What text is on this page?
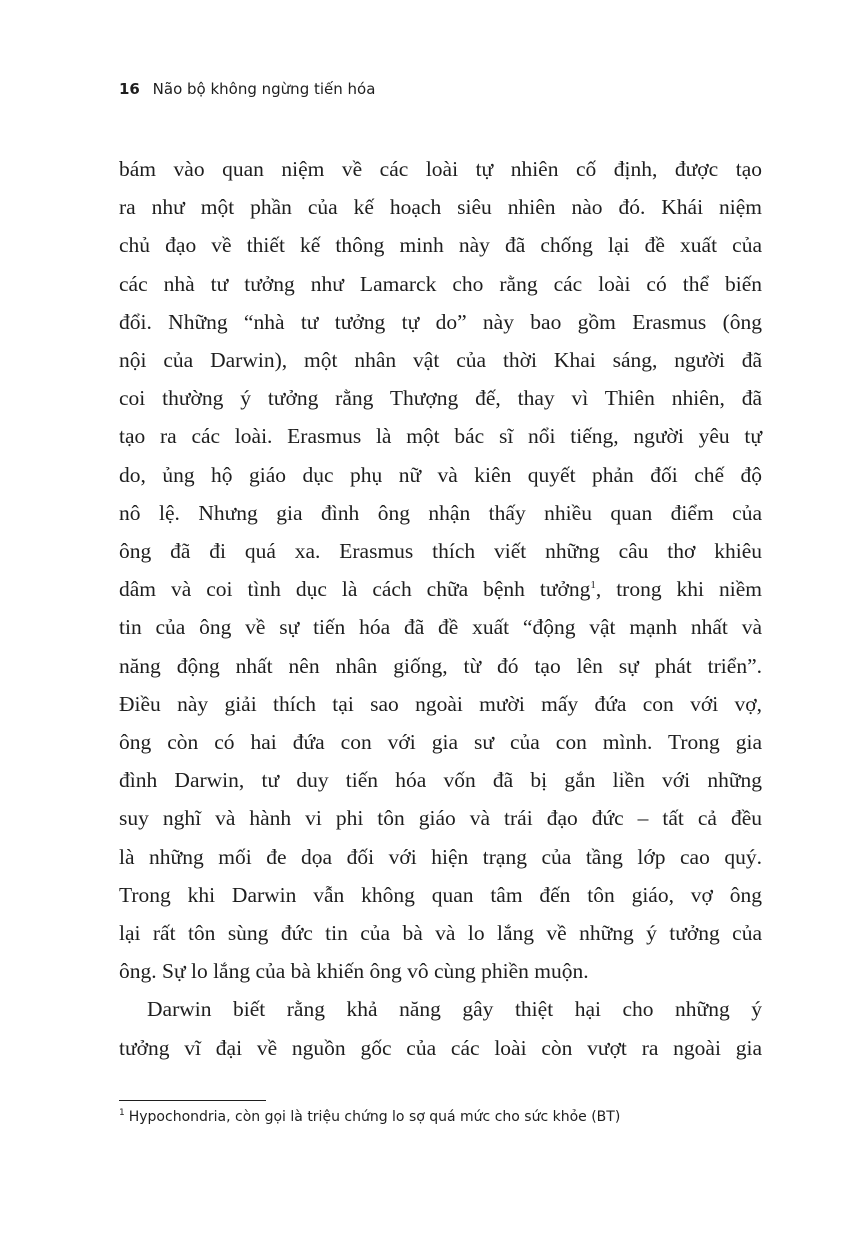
16 Não bộ không ngừng tiến hóa

bám vào quan niệm về các loài tự nhiên cố định, được tạo
ra như một phần của kế hoạch siêu nhiên nào đó. Khái niệm
chủ đạo về thiết kế thông minh này đã chống lại đề xuất của
các nhà tư tưởng như Lamarck cho rằng các loài có thể biến
đổi. Những “nhà tư tưởng tự do” này bao gồm Erasmus (ông
nội của Darwin), một nhân vật của thời Khai sáng, người đã
coi thường ý tưởng rằng Thượng đế, thay vì Thiên nhiên, đã
tạo ra các loài. Erasmus là một bác sĩ nổi tiếng, người yêu tự
do, ủng hộ giáo dục phụ nữ và kiên quyết phản đối chế độ
nô lệ. Nhưng gia đình ông nhận thấy nhiều quan điểm của
ông đã đi quá xa. Erasmus thích viết những câu thơ khiêu
dâm và coi tình dục là cách chữa bệnh tưởng$^1$, trong khi niềm
tin của ông về sự tiến hóa đã đề xuất “động vật mạnh nhất và
năng động nhất nên nhân giống, từ đó tạo lên sự phát triển”.
Điều này giải thích tại sao ngoài mười mấy đứa con với vợ,
ông còn có hai đứa con với gia sư của con mình. Trong gia
đình Darwin, tư duy tiến hóa vốn đã bị gắn liền với những
suy nghĩ và hành vi phi tôn giáo và trái đạo đức – tất cả đều
là những mối đe dọa đối với hiện trạng của tầng lớp cao quý.
Trong khi Darwin vẫn không quan tâm đến tôn giáo, vợ ông
lại rất tôn sùng đức tin của bà và lo lắng về những ý tưởng của
ông. Sự lo lắng của bà khiến ông vô cùng phiền muộn.

Darwin biết rằng khả năng gây thiệt hại cho những ý
tưởng vĩ đại về nguồn gốc của các loài còn vượt ra ngoài gia

$^1$ Hypochondria, còn gọi là triệu chứng lo sợ quá mức cho sức khỏe (BT)
